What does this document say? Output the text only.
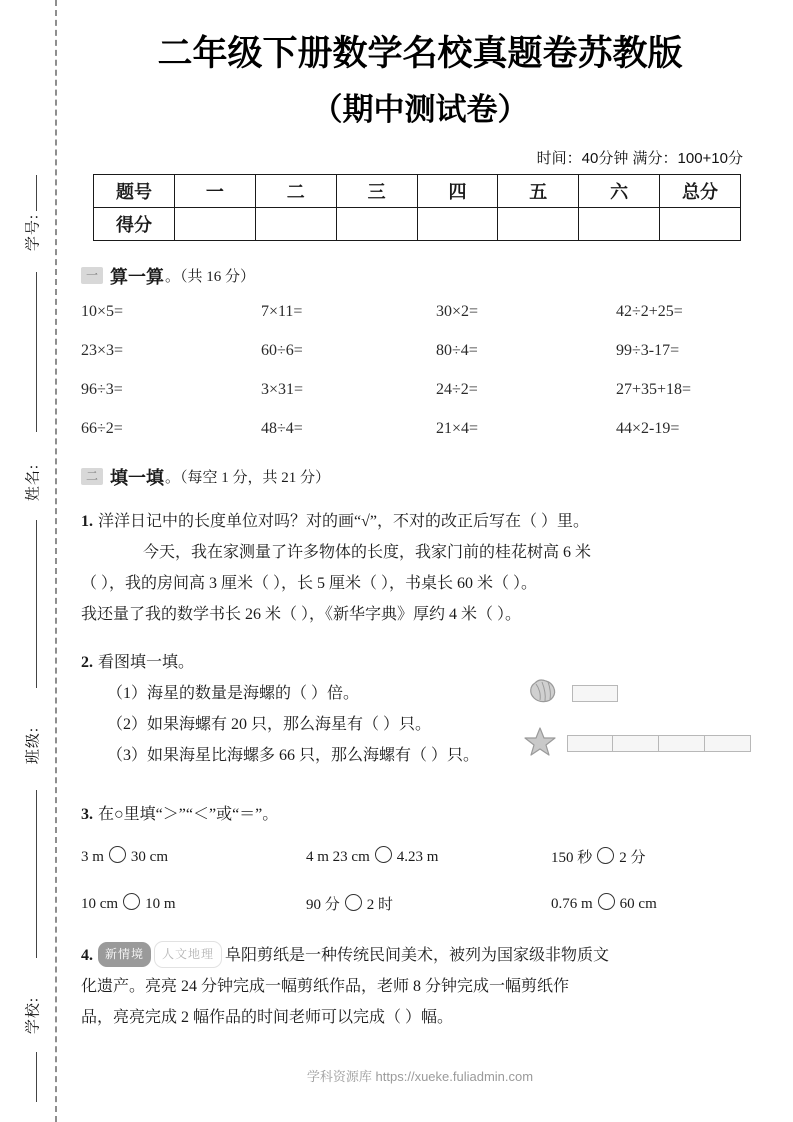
学号:
姓名:
班级:
学校:
二年级下册数学名校真题卷苏教版
（期中测试卷）
时间：40分钟 满分：100+10分
题号	一	二	三	四	五	六	总分
得分							
一 算一算 。（共 16 分）
10×5=	7×11=	30×2=	42÷2+25=
23×3=	60÷6=	80÷4=	99÷3-17=
96÷3=	3×31=	24÷2=	27+35+18=
66÷2=	48÷4=	21×4=	44×2-19=
二 填一填 。（每空 1 分，共 21 分）
1. 洋洋日记中的长度单位对吗？对的画“√”，不对的改正后写在（ ）里。
今天，我在家测量了许多物体的长度，我家门前的桂花树高 6 米
（ ），我的房间高 3 厘米（ ），长 5 厘米（ ），书桌长 60 米（ ）。
我还量了我的数学书长 26 米（ ），《新华字典》厚约 4 米（ ）。
2. 看图填一填。
（1）海星的数量是海螺的（ ）倍。
（2）如果海螺有 20 只，那么海星有（ ）只。
（3）如果海星比海螺多 66 只，那么海螺有（ ）只。
3. 在○里填“＞”“＜”或“＝”。
3 m 30 cm	4 m 23 cm 4.23 m	150 秒 2 分
10 cm 10 m	90 分 2 时	0.76 m 60 cm
4. 新情境 人文地理 阜阳剪纸是一种传统民间美术，被列为国家级非物质文
化遗产。亮亮 24 分钟完成一幅剪纸作品，老师 8 分钟完成一幅剪纸作
品，亮亮完成 2 幅作品的时间老师可以完成（ ）幅。
学科资源库 https://xueke.fuliadmin.com
